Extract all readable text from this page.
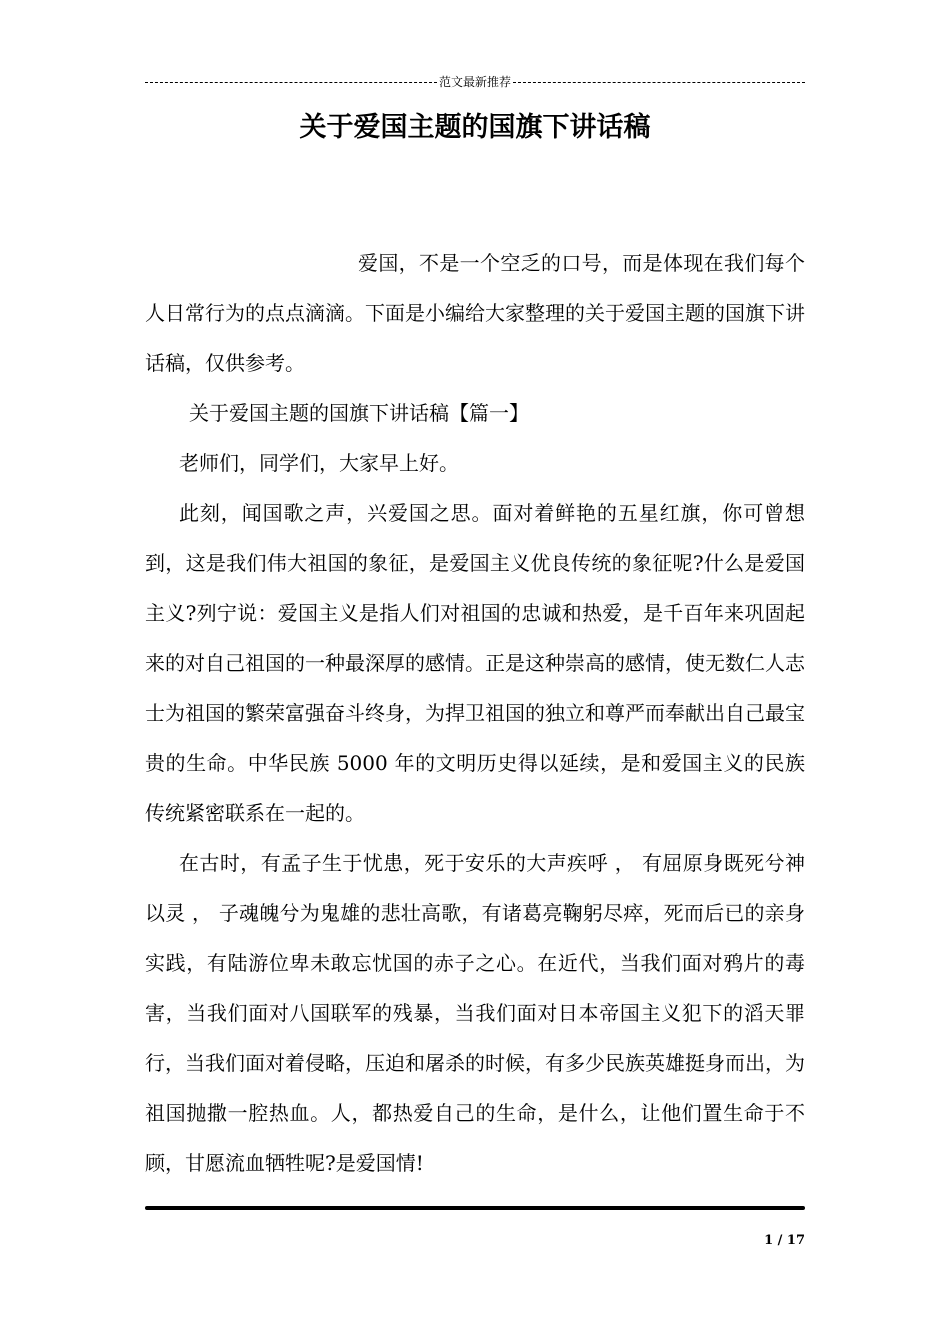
范文最新推荐
关于爱国主题的国旗下讲话稿

爱国，不是一个空乏的口号，而是体现在我们每个人日常行为的点点滴滴。下面是小编给大家整理的关于爱国主题的国旗下讲话稿，仅供参考。

关于爱国主题的国旗下讲话稿【篇一】

老师们，同学们，大家早上好。

此刻，闻国歌之声，兴爱国之思。面对着鲜艳的五星红旗，你可曾想到，这是我们伟大祖国的象征，是爱国主义优良传统的象征呢?什么是爱国主义?列宁说：爱国主义是指人们对祖国的忠诚和热爱，是千百年来巩固起来的对自己祖国的一种最深厚的感情。正是这种崇高的感情，使无数仁人志士为祖国的繁荣富强奋斗终身，为捍卫祖国的独立和尊严而奉献出自己最宝贵的生命。中华民族 5000 年的文明历史得以延续，是和爱国主义的民族传统紧密联系在一起的。

在古时，有孟子生于忧患，死于安乐的大声疾呼 ， 有屈原身既死兮神以灵 ， 子魂魄兮为鬼雄的悲壮高歌，有诸葛亮鞠躬尽瘁，死而后已的亲身实践，有陆游位卑未敢忘忧国的赤子之心。在近代，当我们面对鸦片的毒害，当我们面对八国联军的残暴，当我们面对日本帝国主义犯下的滔天罪行，当我们面对着侵略，压迫和屠杀的时候，有多少民族英雄挺身而出，为祖国抛撒一腔热血。人，都热爱自己的生命，是什么，让他们置生命于不顾，甘愿流血牺牲呢?是爱国情!

1 / 17
